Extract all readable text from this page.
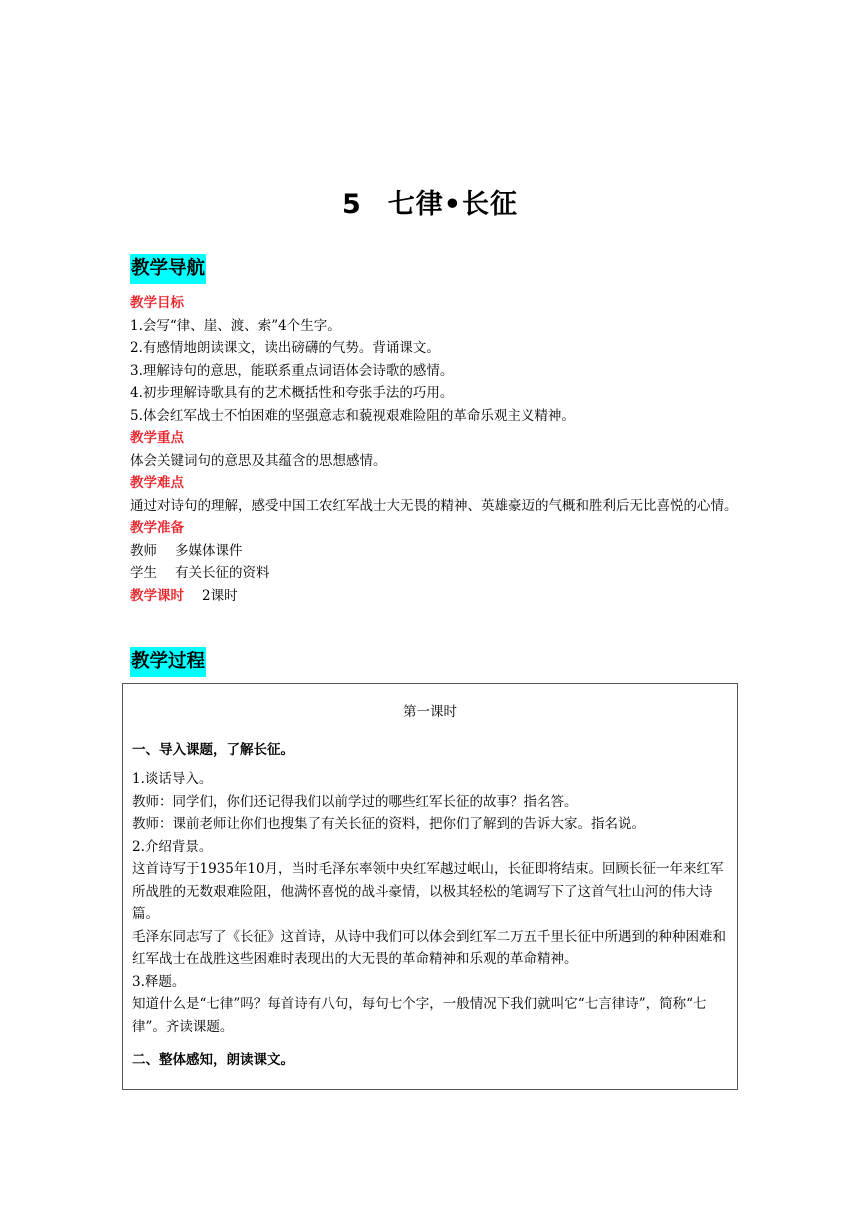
5 七律•长征
教学导航
教学目标
1.会写“律、崖、渡、索”4个生字。
2.有感情地朗读课文，读出磅礴的气势。背诵课文。
3.理解诗句的意思，能联系重点词语体会诗歌的感情。
4.初步理解诗歌具有的艺术概括性和夸张手法的巧用。
5.体会红军战士不怕困难的坚强意志和藐视艰难险阻的革命乐观主义精神。
教学重点
体会关键词句的意思及其蕴含的思想感情。
教学难点
通过对诗句的理解，感受中国工农红军战士大无畏的精神、英雄豪迈的气概和胜利后无比喜悦的心情。
教学准备
教师 多媒体课件
学生 有关长征的资料
教学课时 2课时
教学过程
第一课时
一、导入课题，了解长征。
1.谈话导入。
教师：同学们，你们还记得我们以前学过的哪些红军长征的故事？指名答。
教师：课前老师让你们也搜集了有关长征的资料，把你们了解到的告诉大家。指名说。
2.介绍背景。
这首诗写于1935年10月，当时毛泽东率领中央红军越过岷山，长征即将结束。回顾长征一年来红军所战胜的无数艰难险阻，他满怀喜悦的战斗豪情，以极其轻松的笔调写下了这首气壮山河的伟大诗篇。
毛泽东同志写了《长征》这首诗，从诗中我们可以体会到红军二万五千里长征中所遇到的种种困难和红军战士在战胜这些困难时表现出的大无畏的革命精神和乐观的革命精神。
3.释题。
知道什么是“七律”吗？每首诗有八句，每句七个字，一般情况下我们就叫它“七言律诗”，简称“七律”。齐读课题。
二、整体感知，朗读课文。
